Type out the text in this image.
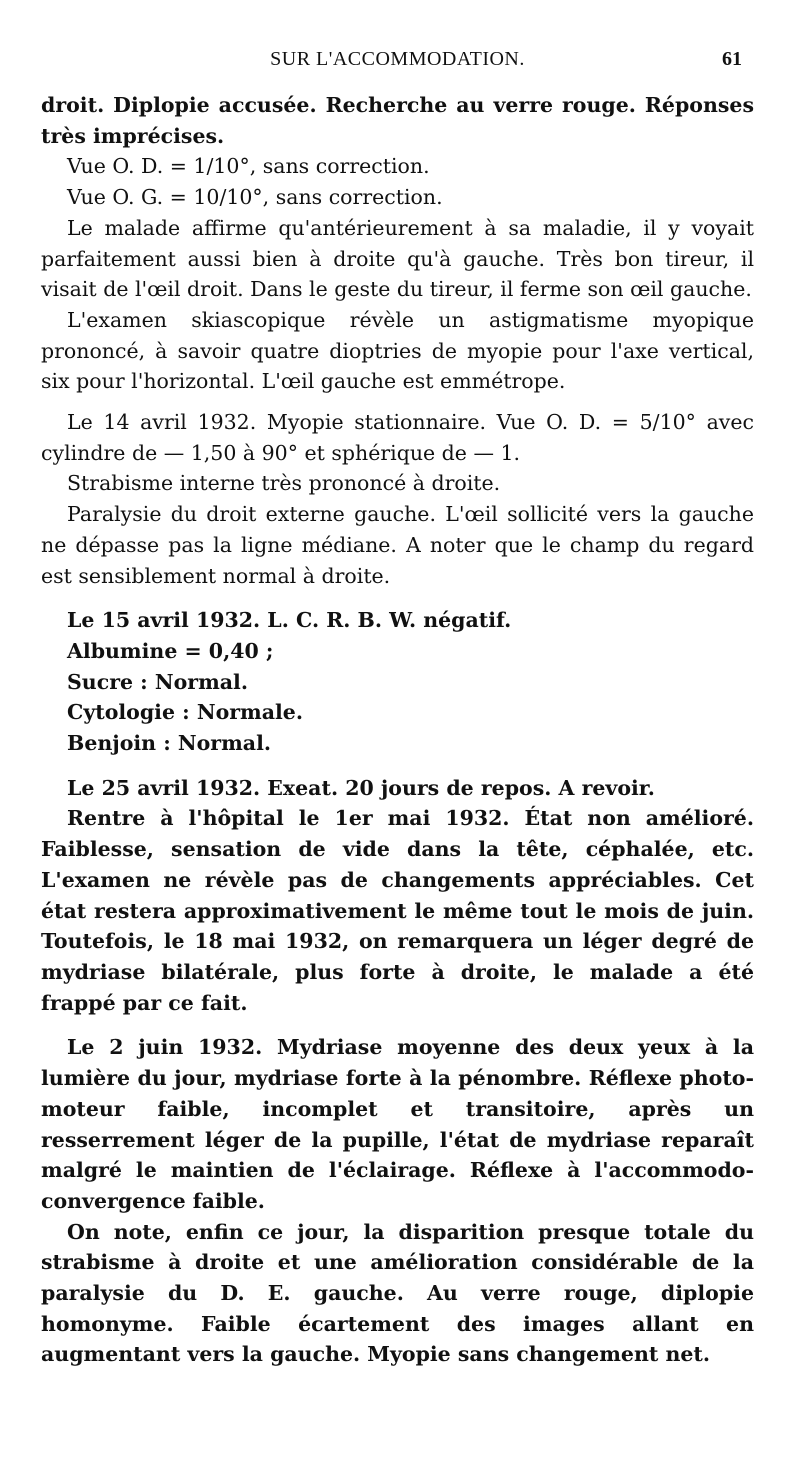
SUR L'ACCOMMODATION.	61

droit. Diplopie accusée. Recherche au verre rouge. Réponses très imprécises.

Vue O. D. = 1/10°, sans correction.

Vue O. G. = 10/10°, sans correction.

Le malade affirme qu'antérieurement à sa maladie, il y voyait parfaitement aussi bien à droite qu'à gauche. Très bon tireur, il visait de l'œil droit. Dans le geste du tireur, il ferme son œil gauche.

L'examen skiascopique révèle un astigmatisme myopique prononcé, à savoir quatre dioptries de myopie pour l'axe vertical, six pour l'horizontal. L'œil gauche est emmétrope.

Le 14 avril 1932. Myopie stationnaire. Vue O. D. = 5/10° avec cylindre de — 1,50 à 90° et sphérique de — 1.

Strabisme interne très prononcé à droite.

Paralysie du droit externe gauche. L'œil sollicité vers la gauche ne dépasse pas la ligne médiane. A noter que le champ du regard est sensiblement normal à droite.

Le 15 avril 1932. L. C. R. B. W. négatif.

Albumine = 0,40 ;

Sucre : Normal.

Cytologie : Normale.

Benjoin : Normal.

Le 25 avril 1932. Exeat. 20 jours de repos. A revoir.

Rentre à l'hôpital le 1er mai 1932. État non amélioré. Faiblesse, sensation de vide dans la tête, céphalée, etc. L'examen ne révèle pas de changements appréciables. Cet état restera approximativement le même tout le mois de juin. Toutefois, le 18 mai 1932, on remarquera un léger degré de mydriase bilatérale, plus forte à droite, le malade a été frappé par ce fait.

Le 2 juin 1932. Mydriase moyenne des deux yeux à la lumière du jour, mydriase forte à la pénombre. Réflexe photo-moteur faible, incomplet et transitoire, après un resserrement léger de la pupille, l'état de mydriase reparaît malgré le maintien de l'éclairage. Réflexe à l'accommodo-convergence faible.

On note, enfin ce jour, la disparition presque totale du strabisme à droite et une amélioration considérable de la paralysie du D. E. gauche. Au verre rouge, diplopie homonyme. Faible écartement des images allant en augmentant vers la gauche. Myopie sans changement net.
